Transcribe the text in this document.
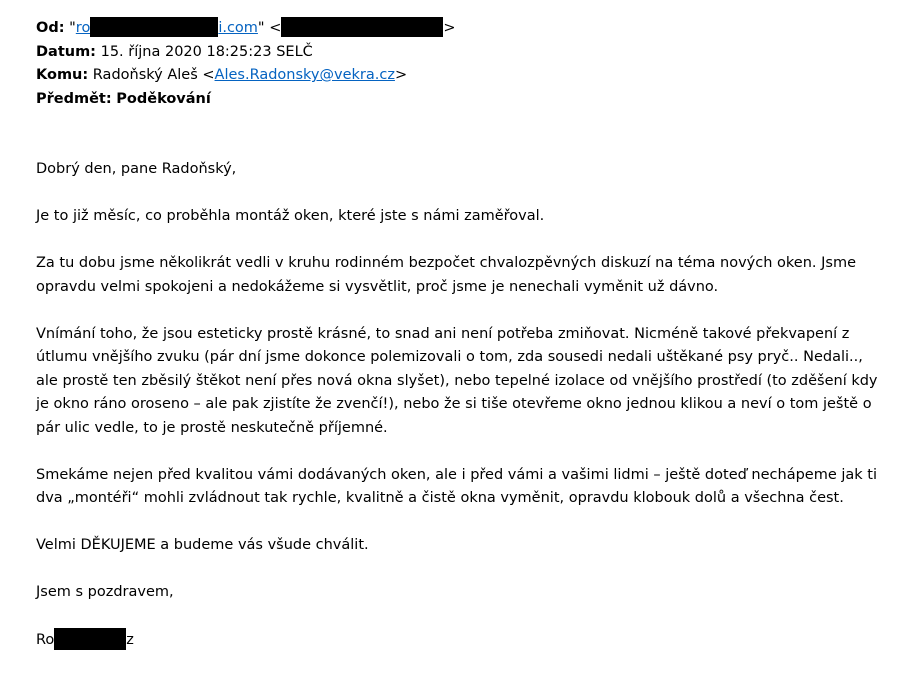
Od: "ro	i.com" <	>
Datum: 15. října 2020 18:25:23 SELČ
Komu: Radoňský Aleš <Ales.Radonsky@vekra.cz>
Předmět: Poděkování

Dobrý den, pane Radoňský,

Je to již měsíc, co proběhla montáž oken, které jste s námi zaměřoval.

Za tu dobu jsme několikrát vedli v kruhu rodinném bezpočet chvalozpěvných diskuzí na téma nových oken. Jsme opravdu velmi spokojeni a nedokážeme si vysvětlit, proč jsme je nenechali vyměnit už dávno.

Vnímání toho, že jsou esteticky prostě krásné, to snad ani není potřeba zmiňovat. Nicméně takové překvapení z útlumu vnějšího zvuku (pár dní jsme dokonce polemizovali o tom, zda sousedi nedali uštěkané psy pryč.. Nedali.., ale prostě ten zběsilý štěkot není přes nová okna slyšet), nebo tepelné izolace od vnějšího prostředí (to zděšení kdy je okno ráno oroseno – ale pak zjistíte že zvenčí!), nebo že si tiše otevřeme okno jednou klikou a neví o tom ještě o pár ulic vedle, to je prostě neskutečně příjemné.

Smekáme nejen před kvalitou vámi dodávaných oken, ale i před vámi a vašimi lidmi – ještě doteď nechápeme jak ti dva „montéři“ mohli zvládnout tak rychle, kvalitně a čistě okna vyměnit, opravdu klobouk dolů a všechna čest.

Velmi DĚKUJEME a budeme vás všude chválit.

Jsem s pozdravem,

Ro	z
